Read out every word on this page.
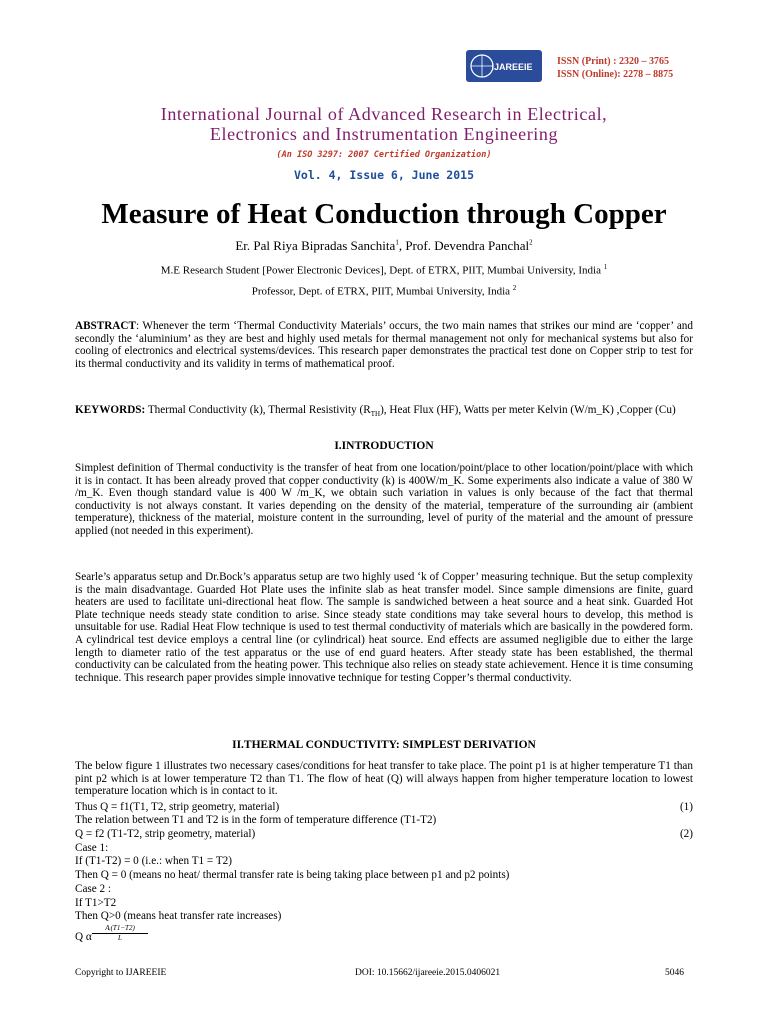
IJAREEIE ISSN (Print) : 2320 – 3765
ISSN (Online): 2278 – 8875
International Journal of Advanced Research in Electrical,
Electronics and Instrumentation Engineering
(An ISO 3297: 2007 Certified Organization)
Vol. 4, Issue 6, June 2015
Measure of Heat Conduction through Copper
Er. Pal Riya Bipradas Sanchita$^1$, Prof. Devendra Panchal$^2$
M.E Research Student [Power Electronic Devices], Dept. of ETRX, PIIT, Mumbai University, India $^1$
Professor, Dept. of ETRX, PIIT, Mumbai University, India $^2$
ABSTRACT: Whenever the term ‘Thermal Conductivity Materials’ occurs, the two main names that strikes our mind are ‘copper’ and secondly the ‘aluminium’ as they are best and highly used metals for thermal management not only for mechanical systems but also for cooling of electronics and electrical systems/devices. This research paper demonstrates the practical test done on Copper strip to test for its thermal conductivity and its validity in terms of mathematical proof.
KEYWORDS: Thermal Conductivity (k), Thermal Resistivity $(R_{TH})$, Heat Flux (HF), Watts per meter Kelvin (W/m_K) ,Copper (Cu)
I.INTRODUCTION
Simplest definition of Thermal conductivity is the transfer of heat from one location/point/place to other location/point/place with which it is in contact. It has been already proved that copper conductivity (k) is 400W/m_K. Some experiments also indicate a value of 380 W /m_K. Even though standard value is 400 W /m_K, we obtain such variation in values is only because of the fact that thermal conductivity is not always constant. It varies depending on the density of the material, temperature of the surrounding air (ambient temperature), thickness of the material, moisture content in the surrounding, level of purity of the material and the amount of pressure applied (not needed in this experiment).
Searle’s apparatus setup and Dr.Bock’s apparatus setup are two highly used ‘k of Copper’ measuring technique. But the setup complexity is the main disadvantage. Guarded Hot Plate uses the infinite slab as heat transfer model. Since sample dimensions are finite, guard heaters are used to facilitate uni-directional heat flow. The sample is sandwiched between a heat source and a heat sink. Guarded Hot Plate technique needs steady state condition to arise. Since steady state conditions may take several hours to develop, this method is unsuitable for use. Radial Heat Flow technique is used to test thermal conductivity of materials which are basically in the powdered form. A cylindrical test device employs a central line (or cylindrical) heat source. End effects are assumed negligible due to either the large length to diameter ratio of the test apparatus or the use of end guard heaters. After steady state has been established, the thermal conductivity can be calculated from the heating power. This technique also relies on steady state achievement. Hence it is time consuming technique. This research paper provides simple innovative technique for testing Copper’s thermal conductivity.
II.THERMAL CONDUCTIVITY: SIMPLEST DERIVATION
The below figure 1 illustrates two necessary cases/conditions for heat transfer to take place. The point p1 is at higher temperature T1 than pint p2 which is at lower temperature T2 than T1. The flow of heat (Q) will always happen from higher temperature location to lowest temperature location which is in contact to it.
Thus Q = f1(T1, T2, strip geometry, material)	(1)
The relation between T1 and T2 is in the form of temperature difference (T1-T2)
Q = f2 (T1-T2, strip geometry, material)	(2)
Case 1:
If (T1-T2) = 0 (i.e.: when T1 = T2)
Then Q = 0 (means no heat/ thermal transfer rate is being taking place between p1 and p2 points)
Case 2 :
If T1>T2
Then Q>0 (means heat transfer rate increases)
Q α
Aᵢ(T1−T2)
L
Copyright to IJAREEIE	DOI: 10.15662/ijareeie.2015.0406021	5046
